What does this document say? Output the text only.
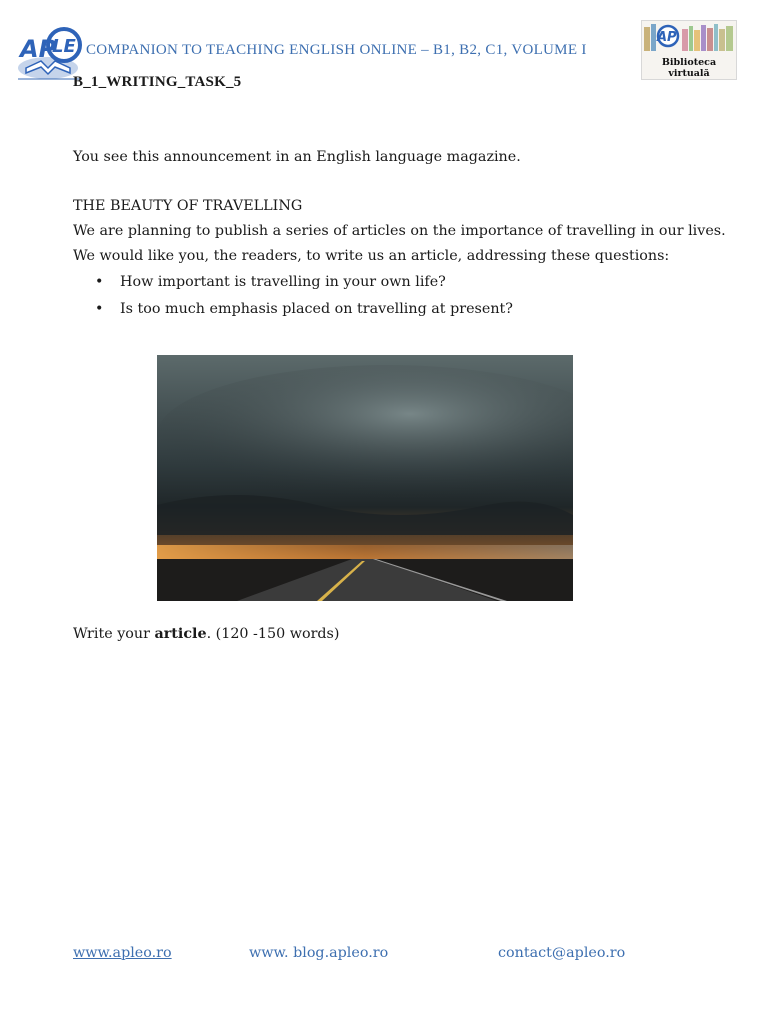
AP
LE COMPANION TO TEACHING ENGLISH ONLINE – B1, B2, C1, VOLUME I
AP
Biblioteca virtuală
B_1_WRITING_TASK_5
You see this announcement in an English language magazine.
THE BEAUTY OF TRAVELLING
We are planning to publish a series of articles on the importance of travelling in our lives.
We would like you, the readers, to write us an article, addressing these questions:
• How important is travelling in your own life?
• Is too much emphasis placed on travelling at present?
Write your article. (120 -150 words)
www.apleo.ro	www. blog.apleo.ro	contact@apleo.ro
